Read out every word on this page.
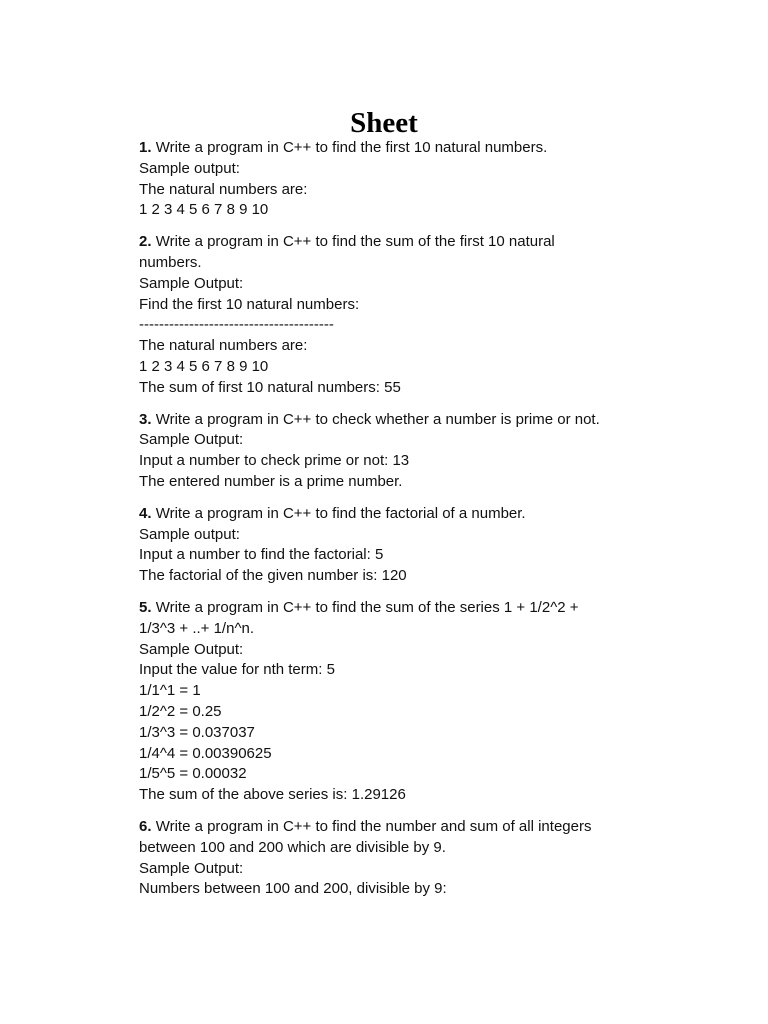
Sheet

1. Write a program in C++ to find the first 10 natural numbers.

Sample output:

The natural numbers are:

1 2 3 4 5 6 7 8 9 10

2. Write a program in C++ to find the sum of the first 10 natural

numbers.

Sample Output:

Find the first 10 natural numbers:

---------------------------------------

The natural numbers are:

1 2 3 4 5 6 7 8 9 10

The sum of first 10 natural numbers: 55

3. Write a program in C++ to check whether a number is prime or not.

Sample Output:

Input a number to check prime or not: 13

The entered number is a prime number.

4. Write a program in C++ to find the factorial of a number.

Sample output:

Input a number to find the factorial: 5

The factorial of the given number is: 120

5. Write a program in C++ to find the sum of the series 1 + 1/2^2 +

1/3^3 + ..+ 1/n^n.

Sample Output:

Input the value for nth term: 5

1/1^1 = 1

1/2^2 = 0.25

1/3^3 = 0.037037

1/4^4 = 0.00390625

1/5^5 = 0.00032

The sum of the above series is: 1.29126

6. Write a program in C++ to find the number and sum of all integers

between 100 and 200 which are divisible by 9.

Sample Output:

Numbers between 100 and 200, divisible by 9:
